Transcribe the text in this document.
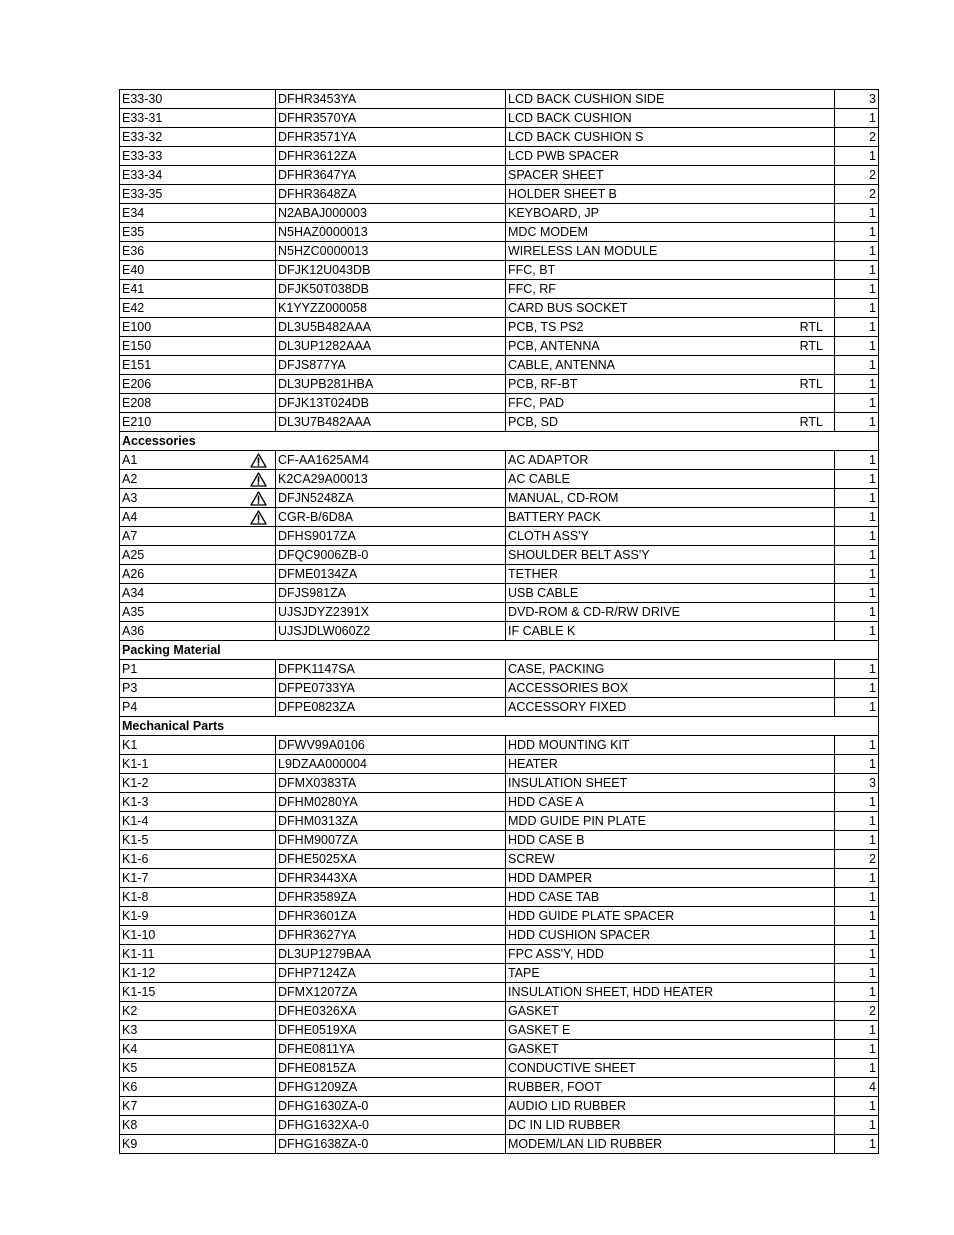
E33-30	DFHR3453YA	LCD BACK CUSHION SIDE	3
E33-31	DFHR3570YA	LCD BACK CUSHION	1
E33-32	DFHR3571YA	LCD BACK CUSHION S	2
E33-33	DFHR3612ZA	LCD PWB SPACER	1
E33-34	DFHR3647YA	SPACER SHEET	2
E33-35	DFHR3648ZA	HOLDER SHEET B	2
E34	N2ABAJ000003	KEYBOARD, JP	1
E35	N5HAZ0000013	MDC MODEM	1
E36	N5HZC0000013	WIRELESS LAN MODULE	1
E40	DFJK12U043DB	FFC, BT	1
E41	DFJK50T038DB	FFC, RF	1
E42	K1YYZZ000058	CARD BUS SOCKET	1
E100	DL3U5B482AAA	PCB, TS PS2 RTL	1
E150	DL3UP1282AAA	PCB, ANTENNA RTL	1
E151	DFJS877YA	CABLE, ANTENNA	1
E206	DL3UPB281HBA	PCB, RF-BT RTL	1
E208	DFJK13T024DB	FFC, PAD	1
E210	DL3U7B482AAA	PCB, SD RTL	1
Accessories			
A1	CF-AA1625AM4	AC ADAPTOR	1
A2	K2CA29A00013	AC CABLE	1
A3	DFJN5248ZA	MANUAL, CD-ROM	1
A4	CGR-B/6D8A	BATTERY PACK	1
A7	DFHS9017ZA	CLOTH ASS'Y	1
A25	DFQC9006ZB-0	SHOULDER BELT ASS'Y	1
A26	DFME0134ZA	TETHER	1
A34	DFJS981ZA	USB CABLE	1
A35	UJSJDYZ2391X	DVD-ROM & CD-R/RW DRIVE	1
A36	UJSJDLW060Z2	IF CABLE K	1
Packing Material			
P1	DFPK1147SA	CASE, PACKING	1
P3	DFPE0733YA	ACCESSORIES BOX	1
P4	DFPE0823ZA	ACCESSORY FIXED	1
Mechanical Parts			
K1	DFWV99A0106	HDD MOUNTING KIT	1
K1-1	L9DZAA000004	HEATER	1
K1-2	DFMX0383TA	INSULATION SHEET	3
K1-3	DFHM0280YA	HDD CASE A	1
K1-4	DFHM0313ZA	MDD GUIDE PIN PLATE	1
K1-5	DFHM9007ZA	HDD CASE B	1
K1-6	DFHE5025XA	SCREW	2
K1-7	DFHR3443XA	HDD DAMPER	1
K1-8	DFHR3589ZA	HDD CASE TAB	1
K1-9	DFHR3601ZA	HDD GUIDE PLATE SPACER	1
K1-10	DFHR3627YA	HDD CUSHION SPACER	1
K1-11	DL3UP1279BAA	FPC ASS'Y, HDD	1
K1-12	DFHP7124ZA	TAPE	1
K1-15	DFMX1207ZA	INSULATION SHEET, HDD HEATER	1
K2	DFHE0326XA	GASKET	2
K3	DFHE0519XA	GASKET E	1
K4	DFHE0811YA	GASKET	1
K5	DFHE0815ZA	CONDUCTIVE SHEET	1
K6	DFHG1209ZA	RUBBER, FOOT	4
K7	DFHG1630ZA-0	AUDIO LID RUBBER	1
K8	DFHG1632XA-0	DC IN LID RUBBER	1
K9	DFHG1638ZA-0	MODEM/LAN LID RUBBER	1
